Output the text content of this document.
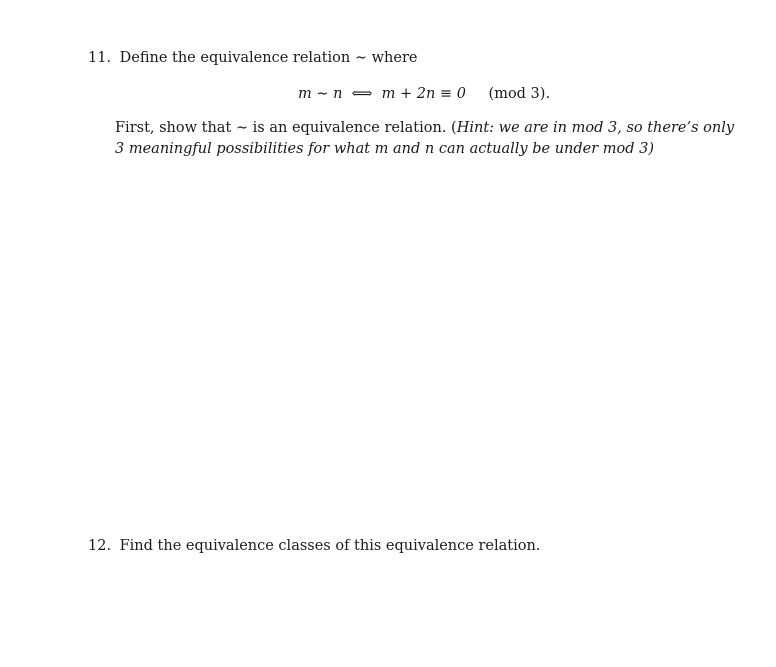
11. Define the equivalence relation ∼ where
m ∼ n ⟺ m + 2n ≡ 0 (mod 3).
First, show that ∼ is an equivalence relation. (Hint: we are in mod 3, so there’s only 3 meaningful possibilities for what m and n can actually be under mod 3)
12. Find the equivalence classes of this equivalence relation.
